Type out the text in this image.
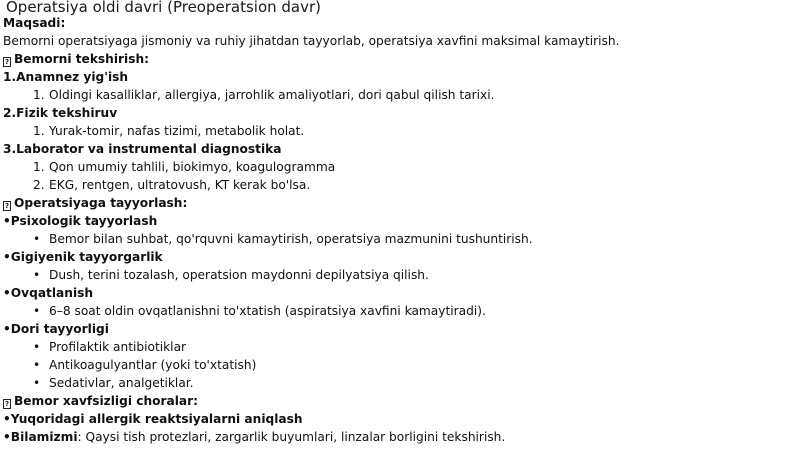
Operatsiya oldi davri (Preoperatsion davr)
Maqsadi:
Bemorni operatsiyaga jismoniy va ruhiy jihatdan tayyorlab, operatsiya xavfini maksimal kamaytirish.
? Bemorni tekshirish:
1.Anamnez yig'ish
1. Oldingi kasalliklar, allergiya, jarrohlik amaliyotlari, dori qabul qilish tarixi.
2.Fizik tekshiruv
1. Yurak-tomir, nafas tizimi, metabolik holat.
3.Laborator va instrumental diagnostika
1. Qon umumiy tahlili, biokimyo, koagulogramma
2. EKG, rentgen, ultratovush, KT kerak bo'lsa.
? Operatsiyaga tayyorlash:
•Psixologik tayyorlash
• Bemor bilan suhbat, qo'rquvni kamaytirish, operatsiya mazmunini tushuntirish.
•Gigiyenik tayyorgarlik
• Dush, terini tozalash, operatsion maydonni depilyatsiya qilish.
•Ovqatlanish
• 6–8 soat oldin ovqatlanishni to'xtatish (aspiratsiya xavfini kamaytiradi).
•Dori tayyorligi
• Profilaktik antibiotiklar
• Antikoagulyantlar (yoki to'xtatish)
• Sedativlar, analgetiklar.
? Bemor xavfsizligi choralar:
•Yuqoridagi allergik reaktsiyalarni aniqlash
•Bilamizmi: Qaysi tish protezlari, zargarlik buyumlari, linzalar borligini tekshirish.
